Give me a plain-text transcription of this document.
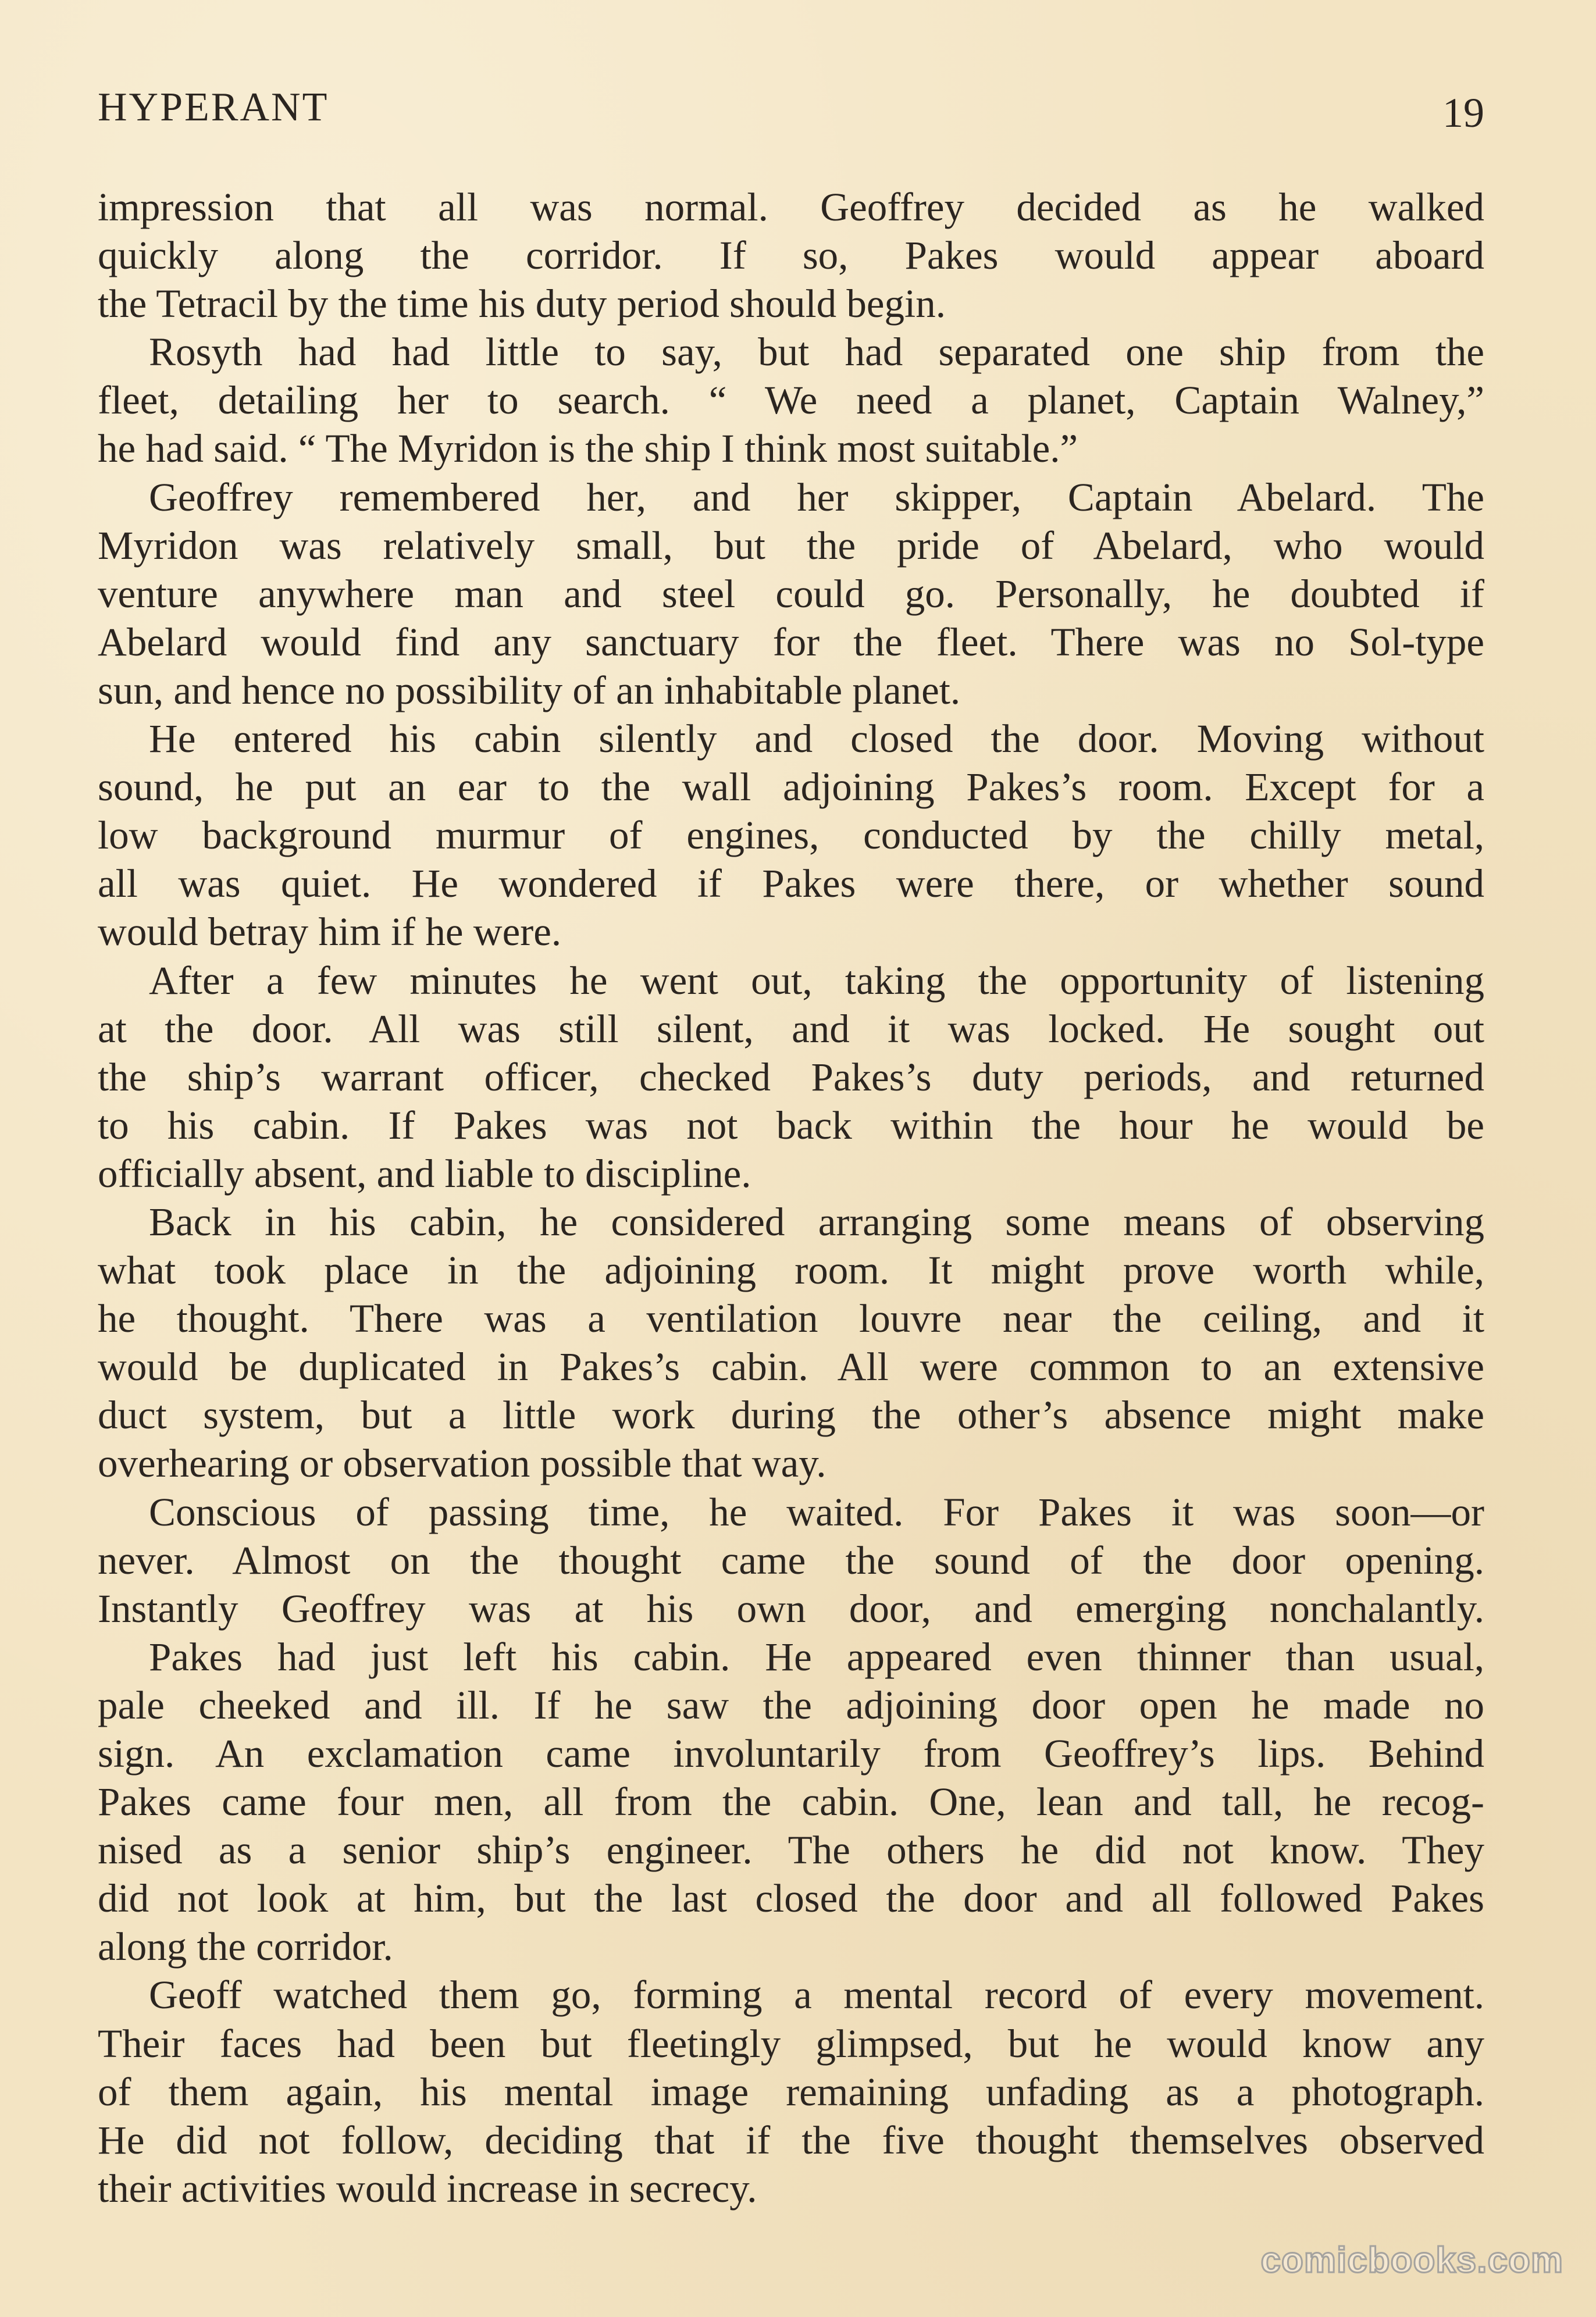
HYPERANT	19
impression that all was normal. Geoffrey decided as he walked
quickly along the corridor. If so, Pakes would appear aboard
the Tetracil by the time his duty period should begin.
Rosyth had had little to say, but had separated one ship from the
fleet, detailing her to search. “ We need a planet, Captain Walney,”
he had said. “ The Myridon is the ship I think most suitable.”
Geoffrey remembered her, and her skipper, Captain Abelard. The
Myridon was relatively small, but the pride of Abelard, who would
venture anywhere man and steel could go. Personally, he doubted if
Abelard would find any sanctuary for the fleet. There was no Sol-type
sun, and hence no possibility of an inhabitable planet.
He entered his cabin silently and closed the door. Moving without
sound, he put an ear to the wall adjoining Pakes’s room. Except for a
low background murmur of engines, conducted by the chilly metal,
all was quiet. He wondered if Pakes were there, or whether sound
would betray him if he were.
After a few minutes he went out, taking the opportunity of listening
at the door. All was still silent, and it was locked. He sought out
the ship’s warrant officer, checked Pakes’s duty periods, and returned
to his cabin. If Pakes was not back within the hour he would be
officially absent, and liable to discipline.
Back in his cabin, he considered arranging some means of observing
what took place in the adjoining room. It might prove worth while,
he thought. There was a ventilation louvre near the ceiling, and it
would be duplicated in Pakes’s cabin. All were common to an extensive
duct system, but a little work during the other’s absence might make
overhearing or observation possible that way.
Conscious of passing time, he waited. For Pakes it was soon—or
never. Almost on the thought came the sound of the door opening.
Instantly Geoffrey was at his own door, and emerging nonchalantly.
Pakes had just left his cabin. He appeared even thinner than usual,
pale cheeked and ill. If he saw the adjoining door open he made no
sign. An exclamation came involuntarily from Geoffrey’s lips. Behind
Pakes came four men, all from the cabin. One, lean and tall, he recog-
nised as a senior ship’s engineer. The others he did not know. They
did not look at him, but the last closed the door and all followed Pakes
along the corridor.
Geoff watched them go, forming a mental record of every movement.
Their faces had been but fleetingly glimpsed, but he would know any
of them again, his mental image remaining unfading as a photograph.
He did not follow, deciding that if the five thought themselves observed
their activities would increase in secrecy.
comicbooks.com
